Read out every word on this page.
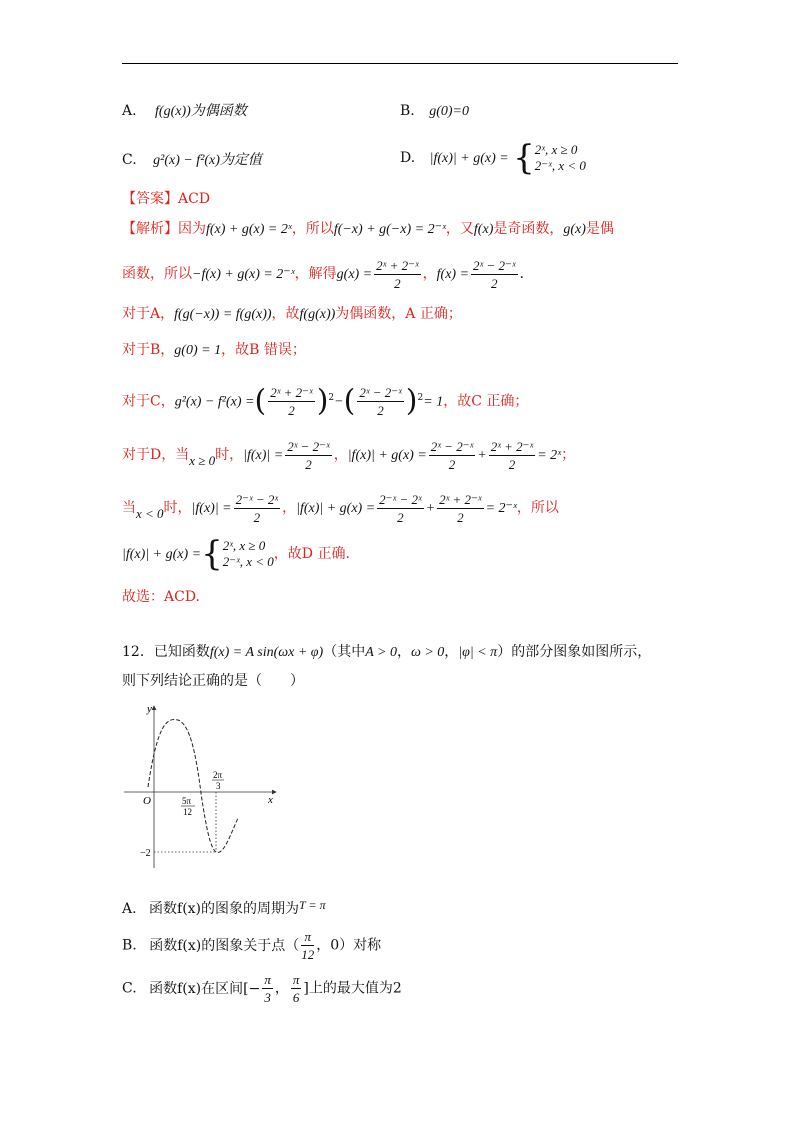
A. f(g(x))为偶函数	B. g(0)=0
C. g²(x) − f²(x)为定值	D. |f(x)| + g(x) = { 2ˣ, x ≥ 0
2⁻ˣ, x < 0
【答案】ACD
【解析】因为f(x) + g(x) = 2ˣ，所以f(−x) + g(−x) = 2⁻ˣ，又f(x)是奇函数，g(x)是偶
函数，所以−f(x) + g(x) = 2⁻ˣ，解得$g(x) = \frac{\text{2ˣ + 2⁻ˣ}}{2}$ ，$f(x) = \frac{\text{2ˣ − 2⁻ˣ}}{2}$ .
对于A，f(g(−x)) = f(g(x))，故f(g(x))为偶函数，A 正确；
对于B，g(0) = 1，故B 错误；
对于C，g²(x) − f²(x) =( $\frac{\text{2ˣ + 2⁻ˣ}}{2} )^2-( \frac{\text{2ˣ − 2⁻ˣ}}{2} )^2= 1$，故C 正确；
对于D，当x ≥ 0时，$|f(x)| = \frac{\text{2ˣ − 2⁻ˣ}}{2}$ ，$|f(x)| + g(x) = \frac{\text{2ˣ − 2⁻ˣ}}{2} + \frac{\text{2ˣ + 2⁻ˣ}}{2}$ = 2ˣ；
当x < 0时，$|f(x)| = \frac{\text{2⁻ˣ − 2ˣ}}{2}$ ，$|f(x)| + g(x) = \frac{\text{2⁻ˣ − 2ˣ}}{2} + \frac{\text{2ˣ + 2⁻ˣ}}{2}$ = 2⁻ˣ，所以
|f(x)| + g(x) ={ 2ˣ, x ≥ 0
2⁻ˣ, x < 0 ，故D 正确.
故选：ACD.
12．已知函数f(x) = A sin(ωx + φ)（其中A > 0，ω > 0，|φ| < π）的部分图象如图所示，
则下列结论正确的是（　　）
y
x
O	5π
12
2π
3
−2
A. 函数f(x)的图象的周期为T = π
B. 函数f(x)的图象关于点（ $\frac{\pi}{12}$ ，0）对称
C. 函数f(x)在区间[− $\frac{\pi}{3}$ ， $\frac{\pi}{6}$ ]上的最大值为2
